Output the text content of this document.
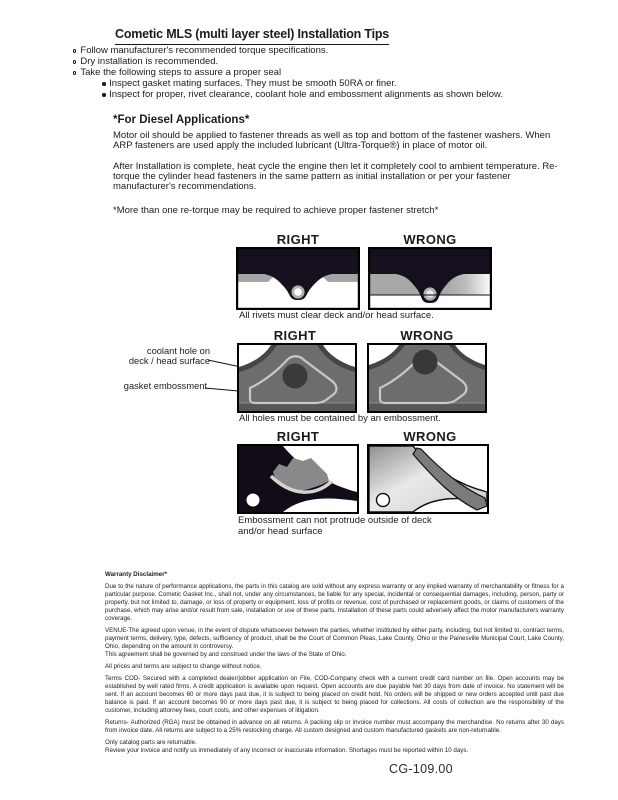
Cometic MLS (multi layer steel) Installation Tips
Follow manufacturer's recommended torque specifications.
Dry installation is recommended.
Take the following steps to assure a proper seal
Inspect gasket mating surfaces. They must be smooth 50RA or finer.
Inspect for proper, rivet clearance, coolant hole and embossment alignments as shown below.
*For Diesel Applications*

Motor oil should be applied to fastener threads as well as top and bottom of the fastener washers. When ARP fasteners are used apply the included lubricant (Ultra-Torque®) in place of motor oil.

After Installation is complete, heat cycle the engine then let it completely cool to ambient temperature. Re-torque the cylinder head fasteners in the same pattern as initial installation or per your fastener manufacturer's recommendations.

*More than one re-torque may be required to achieve proper fastener stretch*

RIGHT	WRONG
All rivets must clear deck and/or head surface.
RIGHT	WRONG
coolant hole on
deck / head surface
gasket embossment
All holes must be contained by an embossment.
RIGHT	WRONG
Embossment can not protrude outside of deck
and/or head surface
Warranty Disclaimer*

Due to the nature of performance applications, the parts in this catalog are sold without any express warranty or any implied warranty of merchantability or fitness for a particular purpose. Cometic Gasket Inc., shall not, under any circumstances, be liable for any special, incidental or consequential damages, including, person, party or property, but not limited to, damage, or loss of property or equipment, loss of profits or revenue, cost of purchased or replacement goods, or claims of customers of the purchase, which may arise and/or result from sale, installation or use of these parts. Installation of these parts could adversely affect the motor manufacturers warranty coverage.

VENUE-The agreed upon venue, in the event of dispute whatsoever between the parties, whether instituted by either party, including, but not limited to, contract terms, payment terms, delivery, type, defects, sufficiency of product, shall be the Court of Common Pleas, Lake County, Ohio or the Painesville Municipal Court, Lake County, Ohio, depending on the amount in controversy.

This agreement shall be governed by and construed under the laws of the State of Ohio.

All prices and terms are subject to change without notice.

Terms COD- Secured with a completed dealer/jobber application on File, COD-Company check with a current credit card number on file. Open accounts may be established by well rated firms. A credit application is available upon request. Open accounts are due payable Net 30 days from date of invoice. No statement will be sent. If an account becomes 60 or more days past due, it is subject to being placed on credit hold. No orders will be shipped or new orders accepted until past due balance is paid. If an account becomes 90 or more days past due, it is subject to being placed for collections. All costs of collection are the responsibility of the customer, including attorney fees, court costs, and other expenses of litigation.

Returns- Authorized (RGA) must be obtained in advance on all returns. A packing slip or invoice number must accompany the merchandise. No returns after 30 days from invoice date. All returns are subject to a 25% restocking charge. All custom designed and custom manufactured gaskets are non-returnable.

Only catalog parts are returnable.

Review your invoice and notify us immediately of any incorrect or inaccurate information. Shortages must be reported within 10 days.

CG-109.00
